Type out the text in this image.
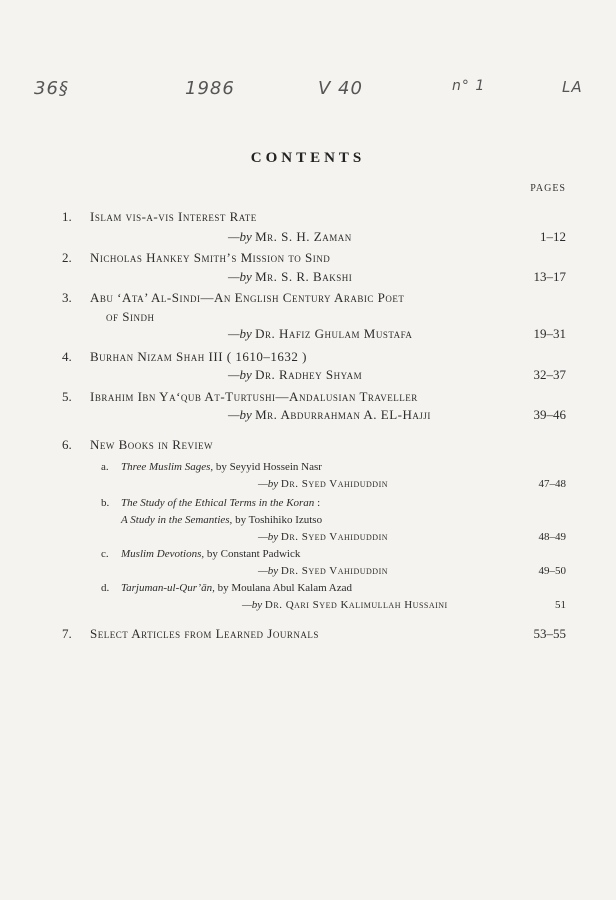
36§	1986	V 40	n° 1	LA
CONTENTS
PAGES
1. Islam vis-a-vis Interest Rate
—by Mr. S. H. Zaman	1–12
2. Nicholas Hankey Smith’s Mission to Sind
—by Mr. S. R. Bakshi	13–17
3. Abu ‘Ata’ Al-Sindi—An English Century Arabic Poet
of Sindh
—by Dr. Hafiz Ghulam Mustafa	19–31
4. Burhan Nizam Shah III ( 1610–1632 )
—by Dr. Radhey Shyam	32–37
5. Ibrahim Ibn Ya‘qub At-Turtushi—Andalusian Traveller
—by Mr. Abdurrahman A. EL-Hajji	39–46
6. New Books in Review
a. Three Muslim Sages, by Seyyid Hossein Nasr
—by Dr. Syed Vahiduddin	47–48
b. The Study of the Ethical Terms in the Koran :
A Study in the Semanties, by Toshihiko Izutso
—by Dr. Syed Vahiduddin	48–49
c. Muslim Devotions, by Constant Padwick
—by Dr. Syed Vahiduddin	49–50
d. Tarjuman-ul-Qur’ān, by Moulana Abul Kalam Azad
—by Dr. Qari Syed Kalimullah Hussaini	51
7. Select Articles from Learned Journals	53–55
